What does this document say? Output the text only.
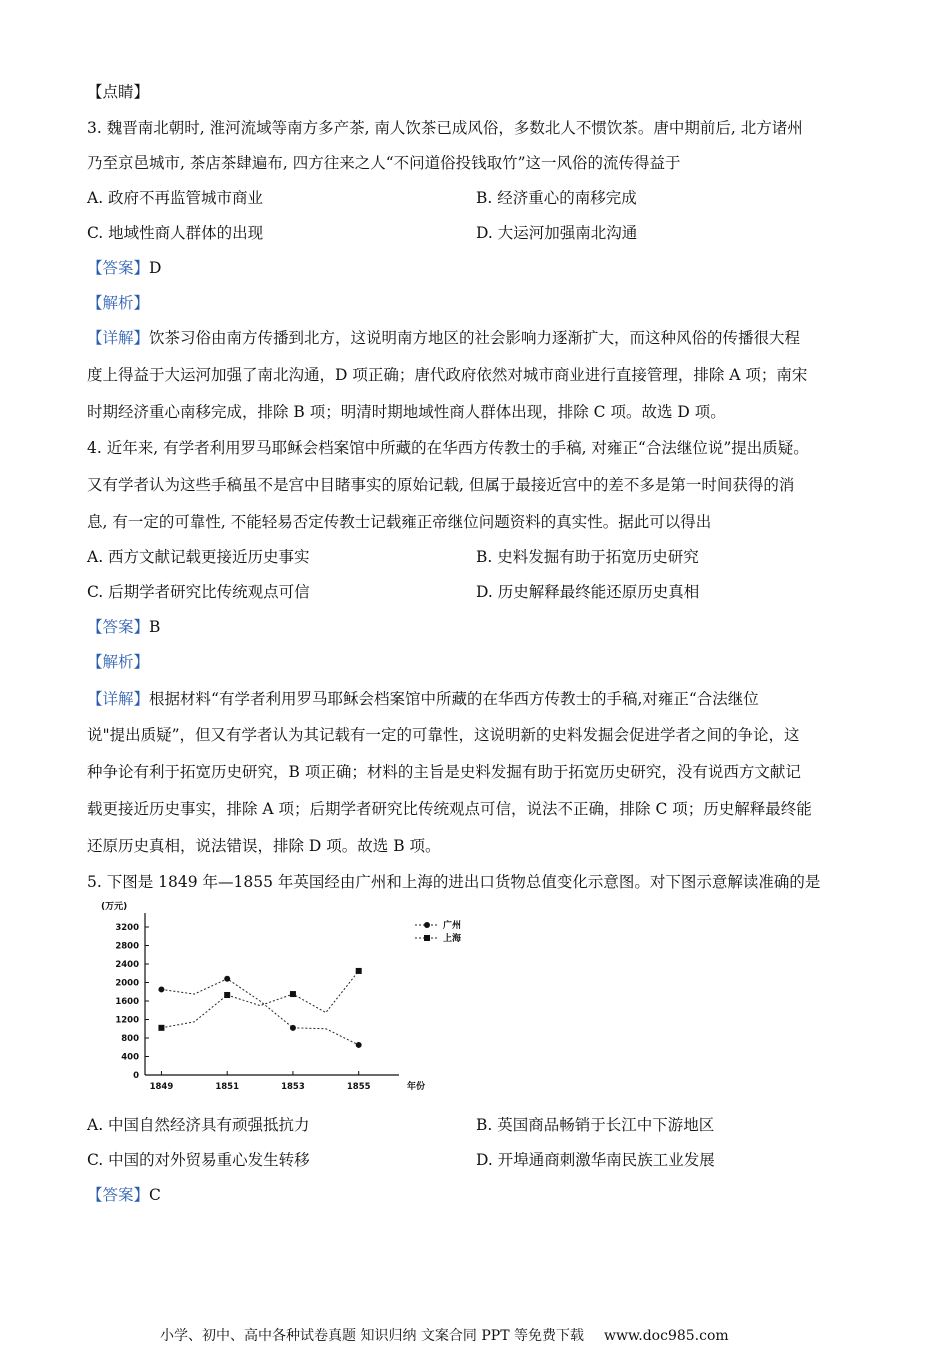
【点睛】
3. 魏晋南北朝时, 淮河流域等南方多产茶, 南人饮茶已成风俗，多数北人不惯饮茶。唐中期前后, 北方诸州
乃至京邑城市, 茶店茶肆遍布, 四方往来之人“不问道俗投钱取竹”这一风俗的流传得益于
A. 政府不再监管城市商业	B. 经济重心的南移完成
C. 地域性商人群体的出现	D. 大运河加强南北沟通
【答案】D
【解析】
【详解】饮茶习俗由南方传播到北方，这说明南方地区的社会影响力逐渐扩大，而这种风俗的传播很大程
度上得益于大运河加强了南北沟通，D 项正确；唐代政府依然对城市商业进行直接管理，排除 A 项；南宋
时期经济重心南移完成，排除 B 项；明清时期地域性商人群体出现，排除 C 项。故选 D 项。
4. 近年来, 有学者利用罗马耶稣会档案馆中所藏的在华西方传教士的手稿, 对雍正“合法继位说”提出质疑。
又有学者认为这些手稿虽不是宫中目睹事实的原始记载, 但属于最接近宫中的差不多是第一时间获得的消
息, 有一定的可靠性, 不能轻易否定传教士记载雍正帝继位问题资料的真实性。据此可以得出
A. 西方文献记载更接近历史事实	B. 史料发掘有助于拓宽历史研究
C. 后期学者研究比传统观点可信	D. 历史解释最终能还原历史真相
【答案】B
【解析】
【详解】根据材料“有学者利用罗马耶稣会档案馆中所藏的在华西方传教士的手稿,对雍正“合法继位
说"提出质疑”，但又有学者认为其记载有一定的可靠性，这说明新的史料发掘会促进学者之间的争论，这
种争论有利于拓宽历史研究，B 项正确；材料的主旨是史料发掘有助于拓宽历史研究，没有说西方文献记
载更接近历史事实，排除 A 项；后期学者研究比传统观点可信，说法不正确，排除 C 项；历史解释最终能
还原历史真相，说法错误，排除 D 项。故选 B 项。
5. 下图是 1849 年—1855 年英国经由广州和上海的进出口货物总值变化示意图。对下图示意解读准确的是
(万元)
年份
0
400
800
1200
1600
2000
2400
2800
3200
1849	1851	1853	1855
广州
上海
A. 中国自然经济具有顽强抵抗力	B. 英国商品畅销于长江中下游地区
C. 中国的对外贸易重心发生转移	D. 开埠通商刺激华南民族工业发展
【答案】C
小学、初中、高中各种试卷真题 知识归纳 文案合同 PPT 等免费下载 www.doc985.com
